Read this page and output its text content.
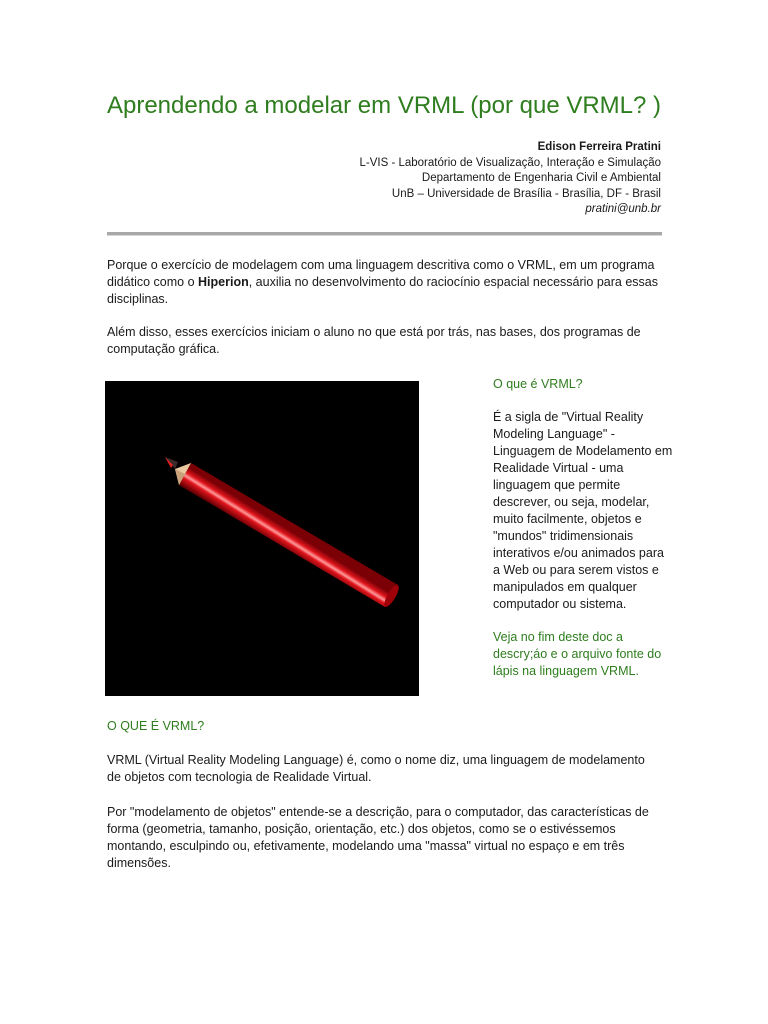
Aprendendo a modelar em VRML (por que VRML? )
Edison Ferreira Pratini
L-VIS - Laboratório de Visualização, Interação e Simulação
Departamento de Engenharia Civil e Ambiental
UnB – Universidade de Brasília - Brasília, DF - Brasil
pratini@unb.br

Porque o exercício de modelagem com uma linguagem descritiva como o VRML, em um programa didático como o Hiperion, auxilia no desenvolvimento do raciocínio espacial necessário para essas disciplinas.

Além disso, esses exercícios iniciam o aluno no que está por trás, nas bases, dos programas de computação gráfica.

O que é VRML?

É a sigla de "Virtual Reality Modeling Language" - Linguagem de Modelamento em Realidade Virtual - uma linguagem que permite descrever, ou seja, modelar, muito facilmente, objetos e "mundos" tridimensionais interativos e/ou animados para a Web ou para serem vistos e manipulados em qualquer computador ou sistema.

Veja no fim deste doc a descry;áo e o arquivo fonte do lápis na linguagem VRML.

O QUE É VRML?

VRML (Virtual Reality Modeling Language) é, como o nome diz, uma linguagem de modelamento de objetos com tecnologia de Realidade Virtual.

Por "modelamento de objetos" entende-se a descrição, para o computador, das características de forma (geometria, tamanho, posição, orientação, etc.) dos objetos, como se o estivéssemos montando, esculpindo ou, efetivamente, modelando uma "massa" virtual no espaço e em três dimensões.
